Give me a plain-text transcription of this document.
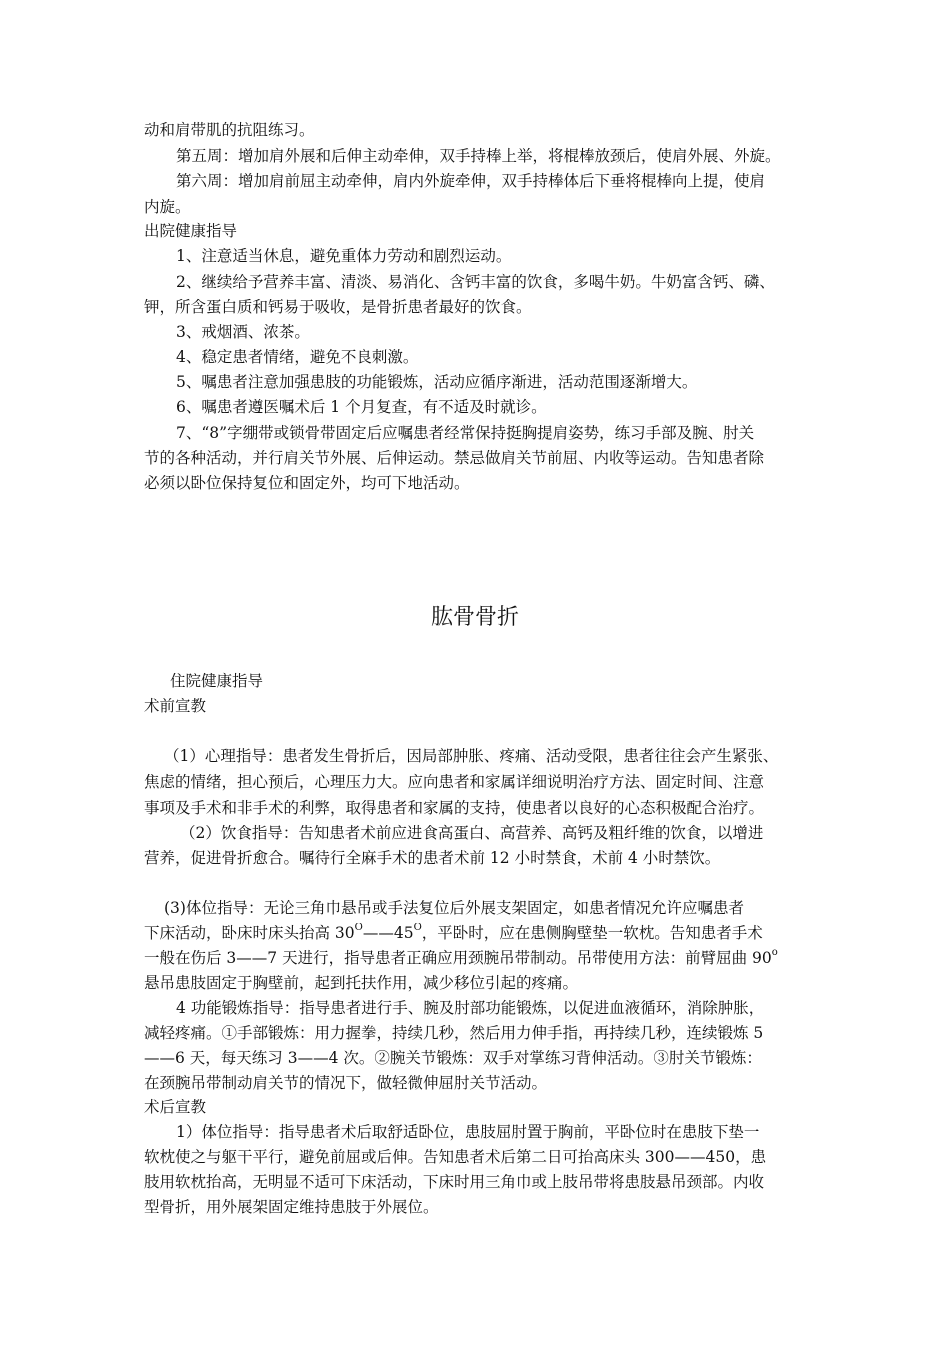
动和肩带肌的抗阻练习。
第五周：增加肩外展和后伸主动牵伸，双手持棒上举，将棍棒放颈后，使肩外展、外旋。
第六周：增加肩前屈主动牵伸，肩内外旋牵伸，双手持棒体后下垂将棍棒向上提，使肩
内旋。
出院健康指导
1、注意适当休息，避免重体力劳动和剧烈运动。
2、继续给予营养丰富、清淡、易消化、含钙丰富的饮食，多喝牛奶。牛奶富含钙、磷、
钾，所含蛋白质和钙易于吸收，是骨折患者最好的饮食。
3、戒烟酒、浓茶。
4、稳定患者情绪，避免不良刺激。
5、嘱患者注意加强患肢的功能锻炼，活动应循序渐进，活动范围逐渐增大。
6、嘱患者遵医嘱术后 1 个月复查，有不适及时就诊。
7、“8”字绷带或锁骨带固定后应嘱患者经常保持挺胸提肩姿势，练习手部及腕、肘关
节的各种活动，并行肩关节外展、后伸运动。禁忌做肩关节前屈、内收等运动。告知患者除
必须以卧位保持复位和固定外，均可下地活动。
肱骨骨折
住院健康指导
术前宣教
（1）心理指导：患者发生骨折后，因局部肿胀、疼痛、活动受限，患者往往会产生紧张、
焦虑的情绪，担心预后，心理压力大。应向患者和家属详细说明治疗方法、固定时间、注意
事项及手术和非手术的利弊，取得患者和家属的支持，使患者以良好的心态积极配合治疗。
（2）饮食指导：告知患者术前应进食高蛋白、高营养、高钙及粗纤维的饮食，以增进
营养，促进骨折愈合。嘱待行全麻手术的患者术前 12 小时禁食，术前 4 小时禁饮。
(3)体位指导：无论三角巾悬吊或手法复位后外展支架固定，如患者情况允许应嘱患者
下床活动，卧床时床头抬高 $30^O——45^O$，平卧时，应在患侧胸壁垫一软枕。告知患者手术
一般在伤后 3——7 天进行，指导患者正确应用颈腕吊带制动。吊带使用方法：前臂屈曲 90$^o$
悬吊患肢固定于胸壁前，起到托扶作用，减少移位引起的疼痛。
4 功能锻炼指导：指导患者进行手、腕及肘部功能锻炼，以促进血液循环，消除肿胀，
减轻疼痛。①手部锻炼：用力握拳，持续几秒，然后用力伸手指，再持续几秒，连续锻炼 5
——6 天，每天练习 3——4 次。②腕关节锻炼：双手对掌练习背伸活动。③肘关节锻炼：
在颈腕吊带制动肩关节的情况下，做轻微伸屈肘关节活动。
术后宣教
1）体位指导：指导患者术后取舒适卧位，患肢屈肘置于胸前，平卧位时在患肢下垫一
软枕使之与躯干平行，避免前屈或后伸。告知患者术后第二日可抬高床头 300——450，患
肢用软枕抬高，无明显不适可下床活动，下床时用三角巾或上肢吊带将患肢悬吊颈部。内收
型骨折，用外展架固定维持患肢于外展位。
